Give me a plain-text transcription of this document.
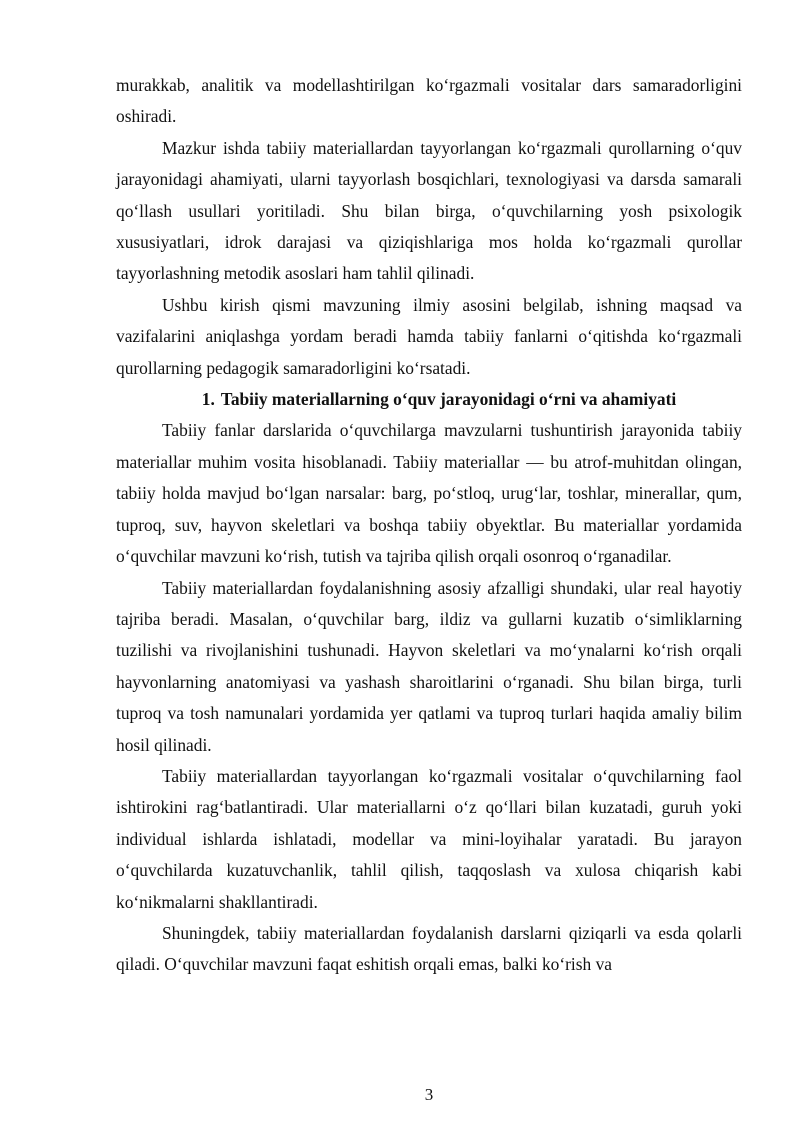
murakkab, analitik va modellashtirilgan ko‘rgazmali vositalar dars samaradorligini oshiradi.

Mazkur ishda tabiiy materiallardan tayyorlangan ko‘rgazmali qurollarning o‘quv jarayonidagi ahamiyati, ularni tayyorlash bosqichlari, texnologiyasi va darsda samarali qo‘llash usullari yoritiladi. Shu bilan birga, o‘quvchilarning yosh psixologik xususiyatlari, idrok darajasi va qiziqishlariga mos holda ko‘rgazmali qurollar tayyorlashning metodik asoslari ham tahlil qilinadi.

Ushbu kirish qismi mavzuning ilmiy asosini belgilab, ishning maqsad va vazifalarini aniqlashga yordam beradi hamda tabiiy fanlarni o‘qitishda ko‘rgazmali qurollarning pedagogik samaradorligini ko‘rsatadi.

1. Tabiiy materiallarning o‘quv jarayonidagi o‘rni va ahamiyati

Tabiiy fanlar darslarida o‘quvchilarga mavzularni tushuntirish jarayonida tabiiy materiallar muhim vosita hisoblanadi. Tabiiy materiallar — bu atrof-muhitdan olingan, tabiiy holda mavjud bo‘lgan narsalar: barg, po‘stloq, urug‘lar, toshlar, minerallar, qum, tuproq, suv, hayvon skeletlari va boshqa tabiiy obyektlar. Bu materiallar yordamida o‘quvchilar mavzuni ko‘rish, tutish va tajriba qilish orqali osonroq o‘rganadilar.

Tabiiy materiallardan foydalanishning asosiy afzalligi shundaki, ular real hayotiy tajriba beradi. Masalan, o‘quvchilar barg, ildiz va gullarni kuzatib o‘simliklarning tuzilishi va rivojlanishini tushunadi. Hayvon skeletlari va mo‘ynalarni ko‘rish orqali hayvonlarning anatomiyasi va yashash sharoitlarini o‘rganadi. Shu bilan birga, turli tuproq va tosh namunalari yordamida yer qatlami va tuproq turlari haqida amaliy bilim hosil qilinadi.

Tabiiy materiallardan tayyorlangan ko‘rgazmali vositalar o‘quvchilarning faol ishtirokini rag‘batlantiradi. Ular materiallarni o‘z qo‘llari bilan kuzatadi, guruh yoki individual ishlarda ishlatadi, modellar va mini-loyihalar yaratadi. Bu jarayon o‘quvchilarda kuzatuvchanlik, tahlil qilish, taqqoslash va xulosa chiqarish kabi ko‘nikmalarni shakllantiradi.

Shuningdek, tabiiy materiallardan foydalanish darslarni qiziqarli va esda qolarli qiladi. O‘quvchilar mavzuni faqat eshitish orqali emas, balki ko‘rish va

3
